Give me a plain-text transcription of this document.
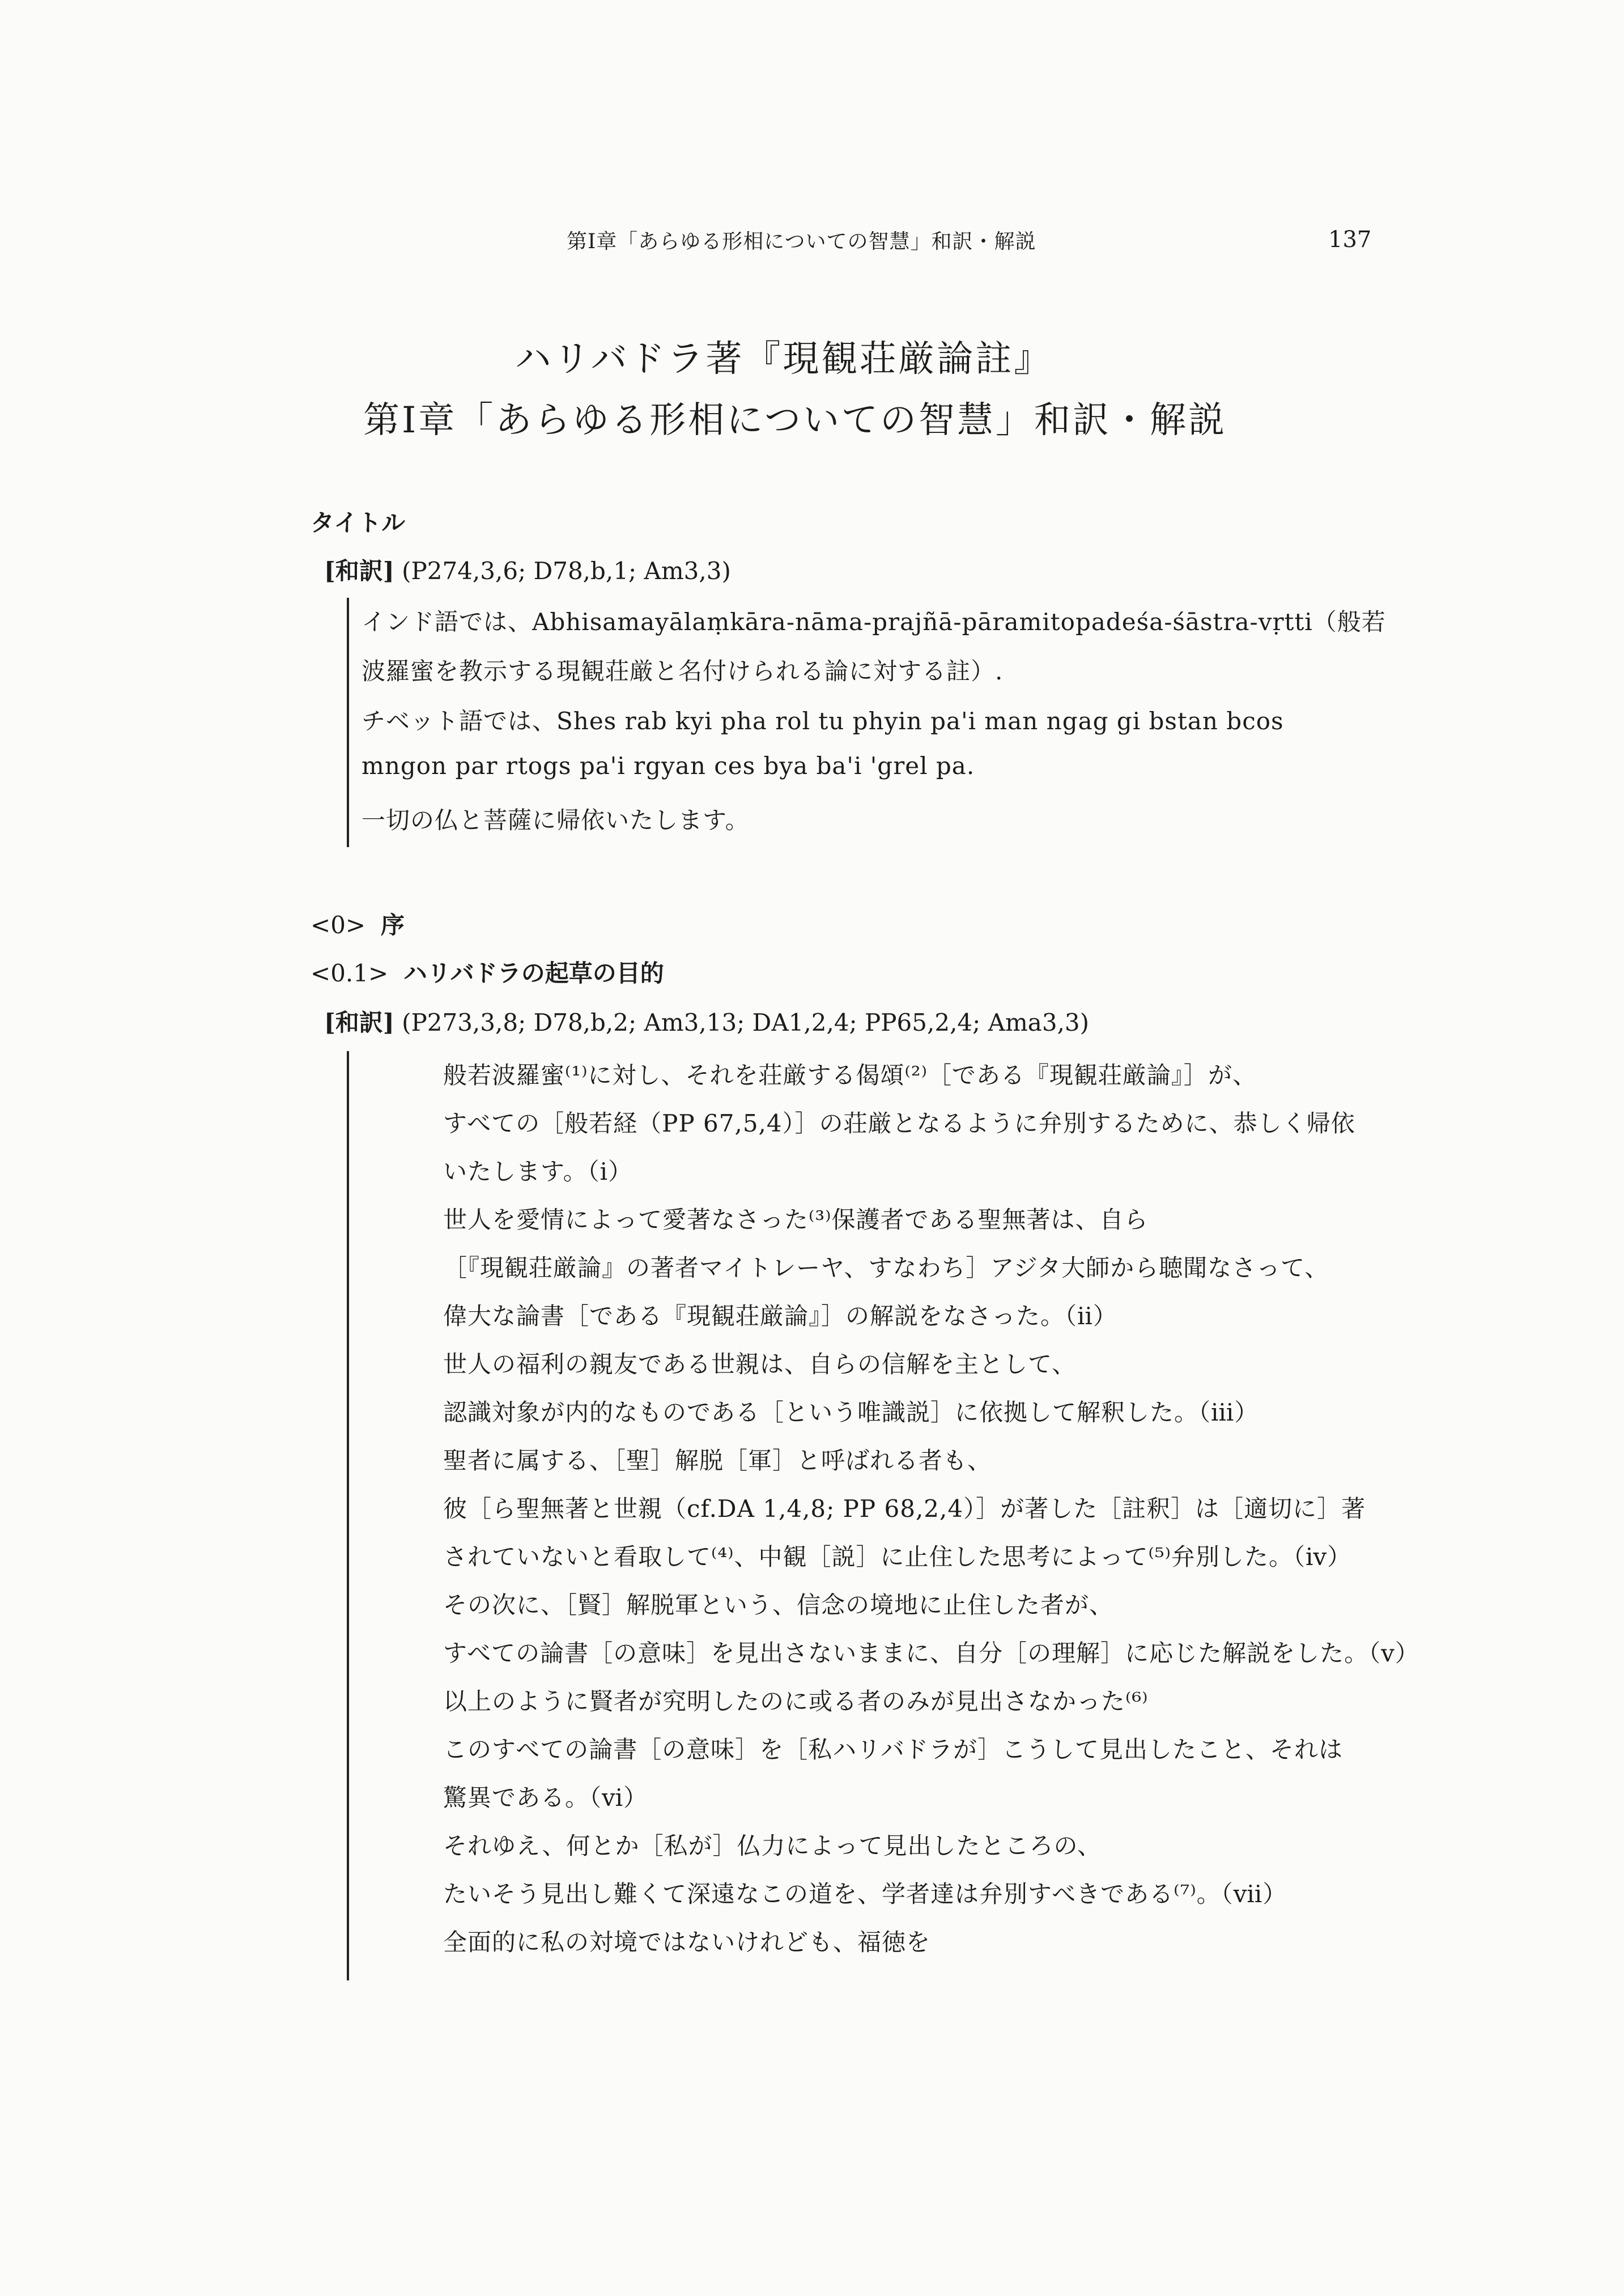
第Ⅰ章「あらゆる形相についての智慧」和訳・解説	137
ハリバドラ著『現観荘厳論註』
第Ⅰ章「あらゆる形相についての智慧」和訳・解説
タイトル
[和訳] (P274,3,6; D78,b,1; Am3,3)
インド語では、Abhisamayālaṃkāra-nāma-prajñā-pāramitopadeśa-śāstra-vṛtti（般若
波羅蜜を教示する現観荘厳と名付けられる論に対する註）.
チベット語では、Shes rab kyi pha rol tu phyin pa'i man ngag gi bstan bcos
mngon par rtogs pa'i rgyan ces bya ba'i 'grel pa.
一切の仏と菩薩に帰依いたします。
<0> 序
<0.1> ハリバドラの起草の目的
[和訳] (P273,3,8; D78,b,2; Am3,13; DA1,2,4; PP65,2,4; Ama3,3)
般若波羅蜜⁽¹⁾に対し、それを荘厳する偈頌⁽²⁾［である『現観荘厳論』］が、
すべての［般若経（PP 67,5,4）］の荘厳となるように弁別するために、恭しく帰依
いたします。（ⅰ）
世人を愛情によって愛著なさった⁽³⁾保護者である聖無著は、自ら
［『現観荘厳論』の著者マイトレーヤ、すなわち］アジタ大師から聴聞なさって、
偉大な論書［である『現観荘厳論』］の解説をなさった。（ⅱ）
世人の福利の親友である世親は、自らの信解を主として、
認識対象が内的なものである［という唯識説］に依拠して解釈した。（ⅲ）
聖者に属する、［聖］解脱［軍］と呼ばれる者も、
彼［ら聖無著と世親（cf.DA 1,4,8; PP 68,2,4）］が著した［註釈］は［適切に］著
されていないと看取して⁽⁴⁾、中観［説］に止住した思考によって⁽⁵⁾弁別した。（ⅳ）
その次に、［賢］解脱軍という、信念の境地に止住した者が、
すべての論書［の意味］を見出さないままに、自分［の理解］に応じた解説をした。（ⅴ）
以上のように賢者が究明したのに或る者のみが見出さなかった⁽⁶⁾
このすべての論書［の意味］を［私ハリバドラが］こうして見出したこと、それは
驚異である。（ⅵ）
それゆえ、何とか［私が］仏力によって見出したところの、
たいそう見出し難くて深遠なこの道を、学者達は弁別すべきである⁽⁷⁾。（ⅶ）
全面的に私の対境ではないけれども、福徳を
